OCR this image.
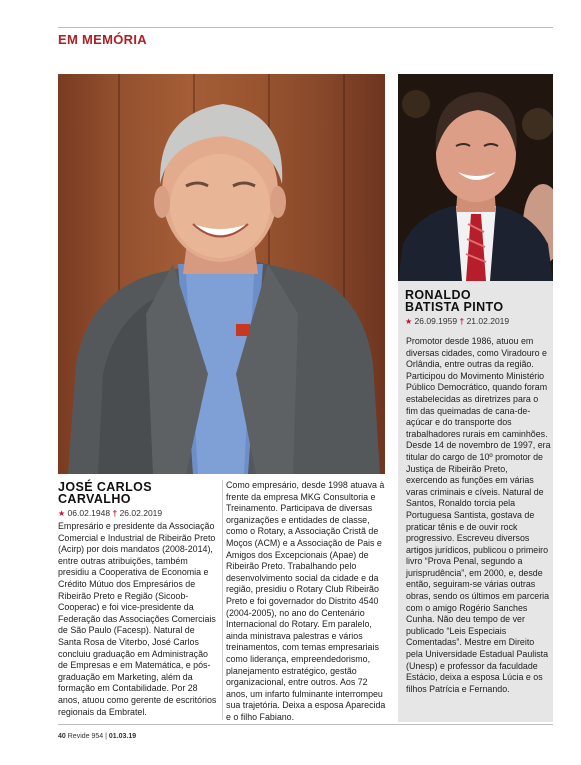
EM MEMÓRIA
JOSÉ CARLOS
CARVALHO
★ 06.02.1948 † 26.02.2019
Empresário e presidente da Associação Comercial e Industrial de Ribeirão Preto (Acirp) por dois mandatos (2008-2014), entre outras atribuições, também presidiu a Cooperativa de Economia e Crédito Mútuo dos Empresários de Ribeirão Preto e Região (Sicoob-Cooperac) e foi vice-presidente da Federação das Associações Comerciais de São Paulo (Facesp). Natural de Santa Rosa de Viterbo, José Carlos concluiu graduação em Administração de Empresas e em Matemática, e pós-graduação em Marketing, além da formação em Contabilidade. Por 28 anos, atuou como gerente de escritórios regionais da Embratel.
Como empresário, desde 1998 atuava à frente da empresa MKG Consultoria e Treinamento. Participava de diversas organizações e entidades de classe, como o Rotary, a Associação Cristã de Moços (ACM) e a Associação de Pais e Amigos dos Excepcionais (Apae) de Ribeirão Preto. Trabalhando pelo desenvolvimento social da cidade e da região, presidiu o Rotary Club Ribeirão Preto e foi governador do Distrito 4540 (2004-2005), no ano do Centenário Internacional do Rotary. Em paralelo, ainda ministrava palestras e vários treinamentos, com temas empresariais como liderança, empreendedorismo, planejamento estratégico, gestão organizacional, entre outros. Aos 72 anos, um infarto fulminante interrompeu sua trajetória. Deixa a esposa Aparecida e o filho Fabiano.
RONALDO
BATISTA PINTO
★ 26.09.1959 † 21.02.2019
Promotor desde 1986, atuou em diversas cidades, como Viradouro e Orlândia, entre outras da região. Participou do Movimento Ministério Público Democrático, quando foram estabelecidas as diretrizes para o fim das queimadas de cana-de-açúcar e do transporte dos trabalhadores rurais em caminhões. Desde 14 de novembro de 1997, era titular do cargo de 10º promotor de Justiça de Ribeirão Preto, exercendo as funções em várias varas criminais e cíveis. Natural de Santos, Ronaldo torcia pela Portuguesa Santista, gostava de praticar tênis e de ouvir rock progressivo. Escreveu diversos artigos jurídicos, publicou o primeiro livro “Prova Penal, segundo a jurisprudência”, em 2000, e, desde então, seguiram-se várias outras obras, sendo os últimos em parceria com o amigo Rogério Sanches Cunha. Não deu tempo de ver publicado “Leis Especiais Comentadas”. Mestre em Direito pela Universidade Estadual Paulista (Unesp) e professor da faculdade Estácio, deixa a esposa Lúcia e os filhos Patrícia e Fernando.
40 Revide 954 | 01.03.19
